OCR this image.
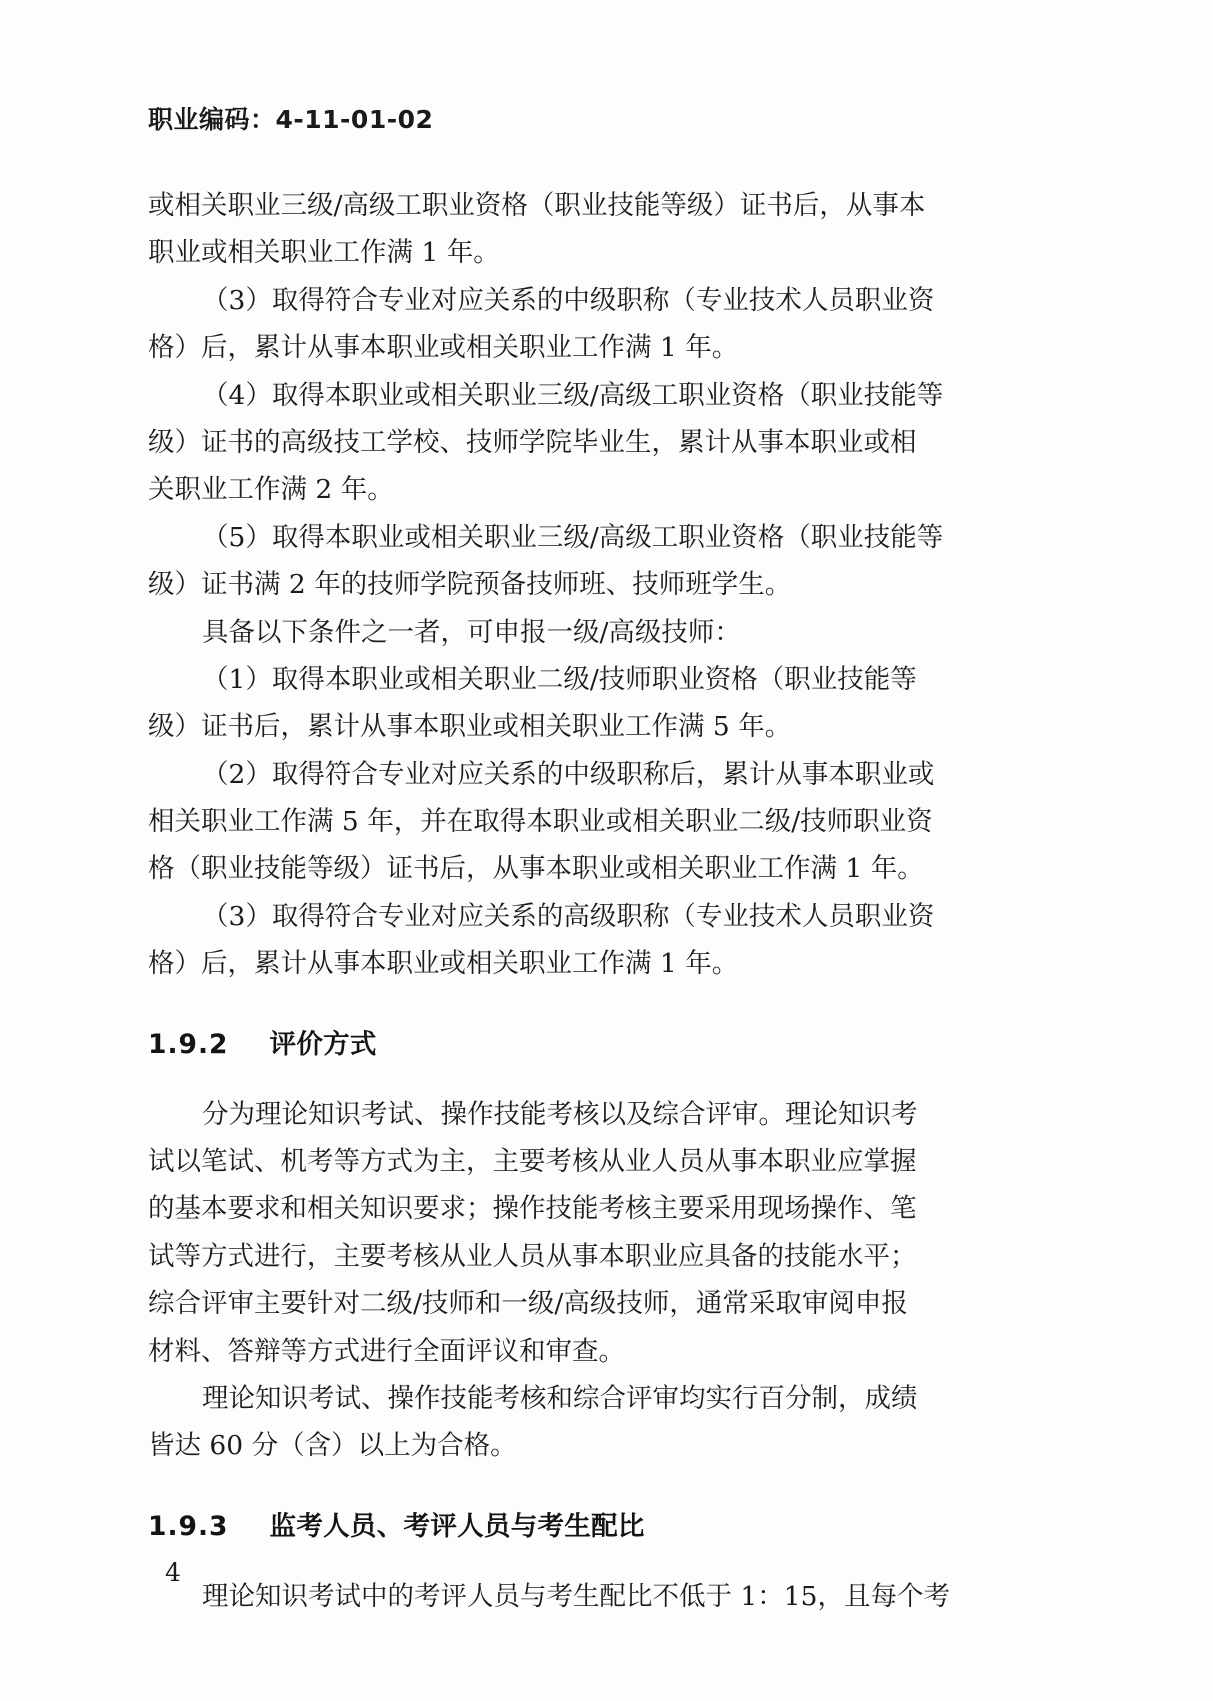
职业编码：4-11-01-02
或相关职业三级/高级工职业资格（职业技能等级）证书后，从事本
职业或相关职业工作满 1 年。
（3）取得符合专业对应关系的中级职称（专业技术人员职业资
格）后，累计从事本职业或相关职业工作满 1 年。
（4）取得本职业或相关职业三级/高级工职业资格（职业技能等
级）证书的高级技工学校、技师学院毕业生，累计从事本职业或相
关职业工作满 2 年。
（5）取得本职业或相关职业三级/高级工职业资格（职业技能等
级）证书满 2 年的技师学院预备技师班、技师班学生。
具备以下条件之一者，可申报一级/高级技师：
（1）取得本职业或相关职业二级/技师职业资格（职业技能等
级）证书后，累计从事本职业或相关职业工作满 5 年。
（2）取得符合专业对应关系的中级职称后，累计从事本职业或
相关职业工作满 5 年，并在取得本职业或相关职业二级/技师职业资
格（职业技能等级）证书后，从事本职业或相关职业工作满 1 年。
（3）取得符合专业对应关系的高级职称（专业技术人员职业资
格）后，累计从事本职业或相关职业工作满 1 年。
1.9.2 评价方式
分为理论知识考试、操作技能考核以及综合评审。理论知识考
试以笔试、机考等方式为主，主要考核从业人员从事本职业应掌握
的基本要求和相关知识要求；操作技能考核主要采用现场操作、笔
试等方式进行，主要考核从业人员从事本职业应具备的技能水平；
综合评审主要针对二级/技师和一级/高级技师，通常采取审阅申报
材料、答辩等方式进行全面评议和审查。
理论知识考试、操作技能考核和综合评审均实行百分制，成绩
皆达 60 分（含）以上为合格。
1.9.3 监考人员、考评人员与考生配比
理论知识考试中的考评人员与考生配比不低于 1：15，且每个考
4
